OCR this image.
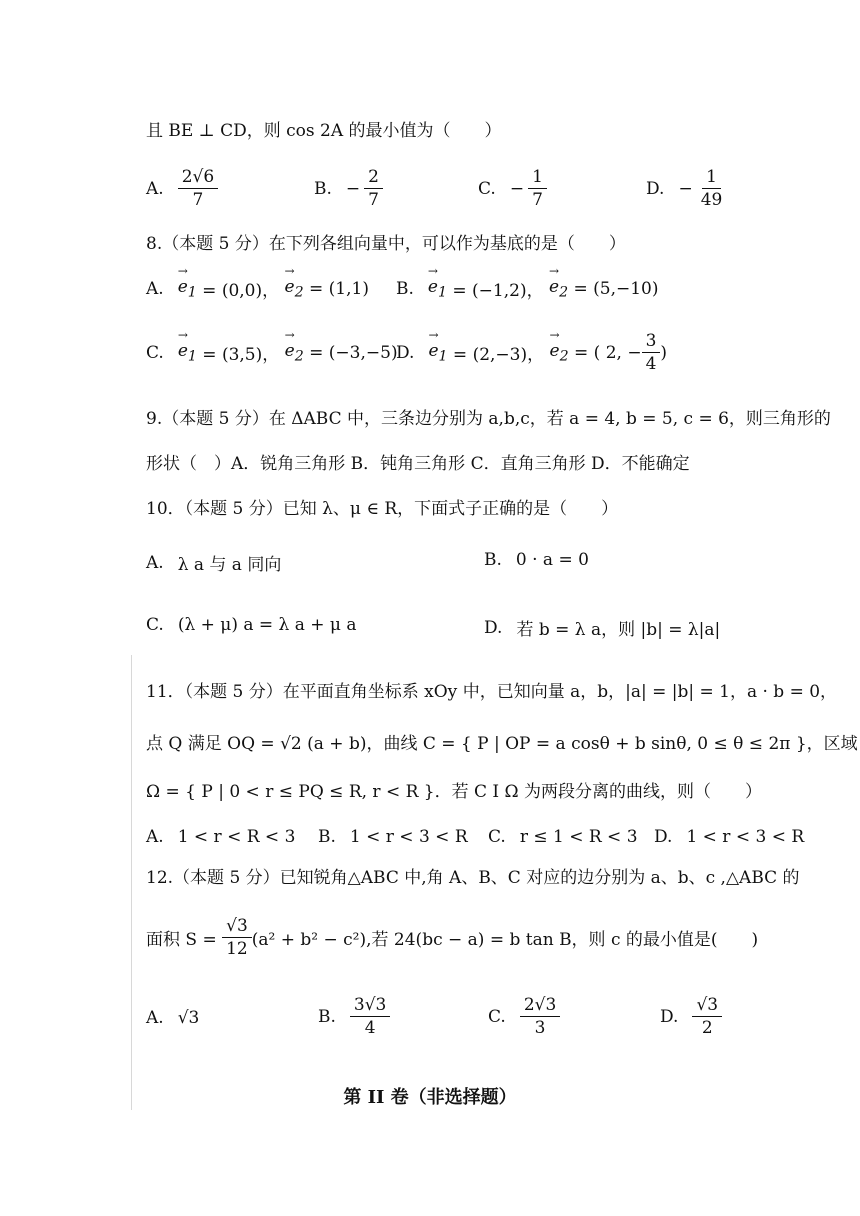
且 BE ⊥ CD，则 cos 2A 的最小值为（　　）
A. $\frac{2√6}{7}$	B. − $\frac{2}{7}$	C. − $\frac{1}{7}$	D. − $\frac{1}{49}$
8.（本题 5 分）在下列各组向量中，可以作为基底的是（　　）
A. → $e_1$
= (0,0)，
→ $e_2$
= (1,1) B. → $e_1$
= (−1,2)，
→ $e_2$
= (5,−10)
C. → $e_1$
= (3,5)，
→ $e_2$
= (−3,−5)
D. → $e_1$
= (2,−3)，
→ $e_2$
= ( 2, − $\frac{3}{4}$ )
9.（本题 5 分）在 ΔABC 中，三条边分别为 a,b,c，若 a = 4, b = 5, c = 6，则三角形的
形状（　）A．锐角三角形 B．钝角三角形 C．直角三角形 D．不能确定
10．（本题 5 分）已知 λ、μ ∈ R，下面式子正确的是（　　）
A. λ a 与 a 同向	B. 0 · a = 0
C. (λ + μ) a = λ a + μ a	D. 若 b = λ a，则 |b| = λ|a|
11．（本题 5 分）在平面直角坐标系 xOy 中，已知向量 a，b，|a| = |b| = 1，a · b = 0，
点 Q 满足 OQ = √2 (a + b)，曲线 C = { P | OP = a cosθ + b sinθ, 0 ≤ θ ≤ 2π }，区域
Ω = { P | 0 < r ≤ PQ ≤ R, r < R }．若 C I Ω 为两段分离的曲线，则（　　）
A. 1 < r < R < 3 B. 1 < r < 3 < R C. r ≤ 1 < R < 3 D. 1 < r < 3 < R
12.（本题 5 分）已知锐角△ABC 中,角 A、B、C 对应的边分别为 a、b、c ,△ABC 的
面积 S =
$\frac{√3}{12} (a^2 + b^2 - c^2)$,若 24(bc − a) = b tan B，则 c 的最小值是(　　)
A. √3	B. $\frac{3√3}{4}$	C. $\frac{2√3}{3}$	D. $\frac{√3}{2}$
第 II 卷（非选择题）
